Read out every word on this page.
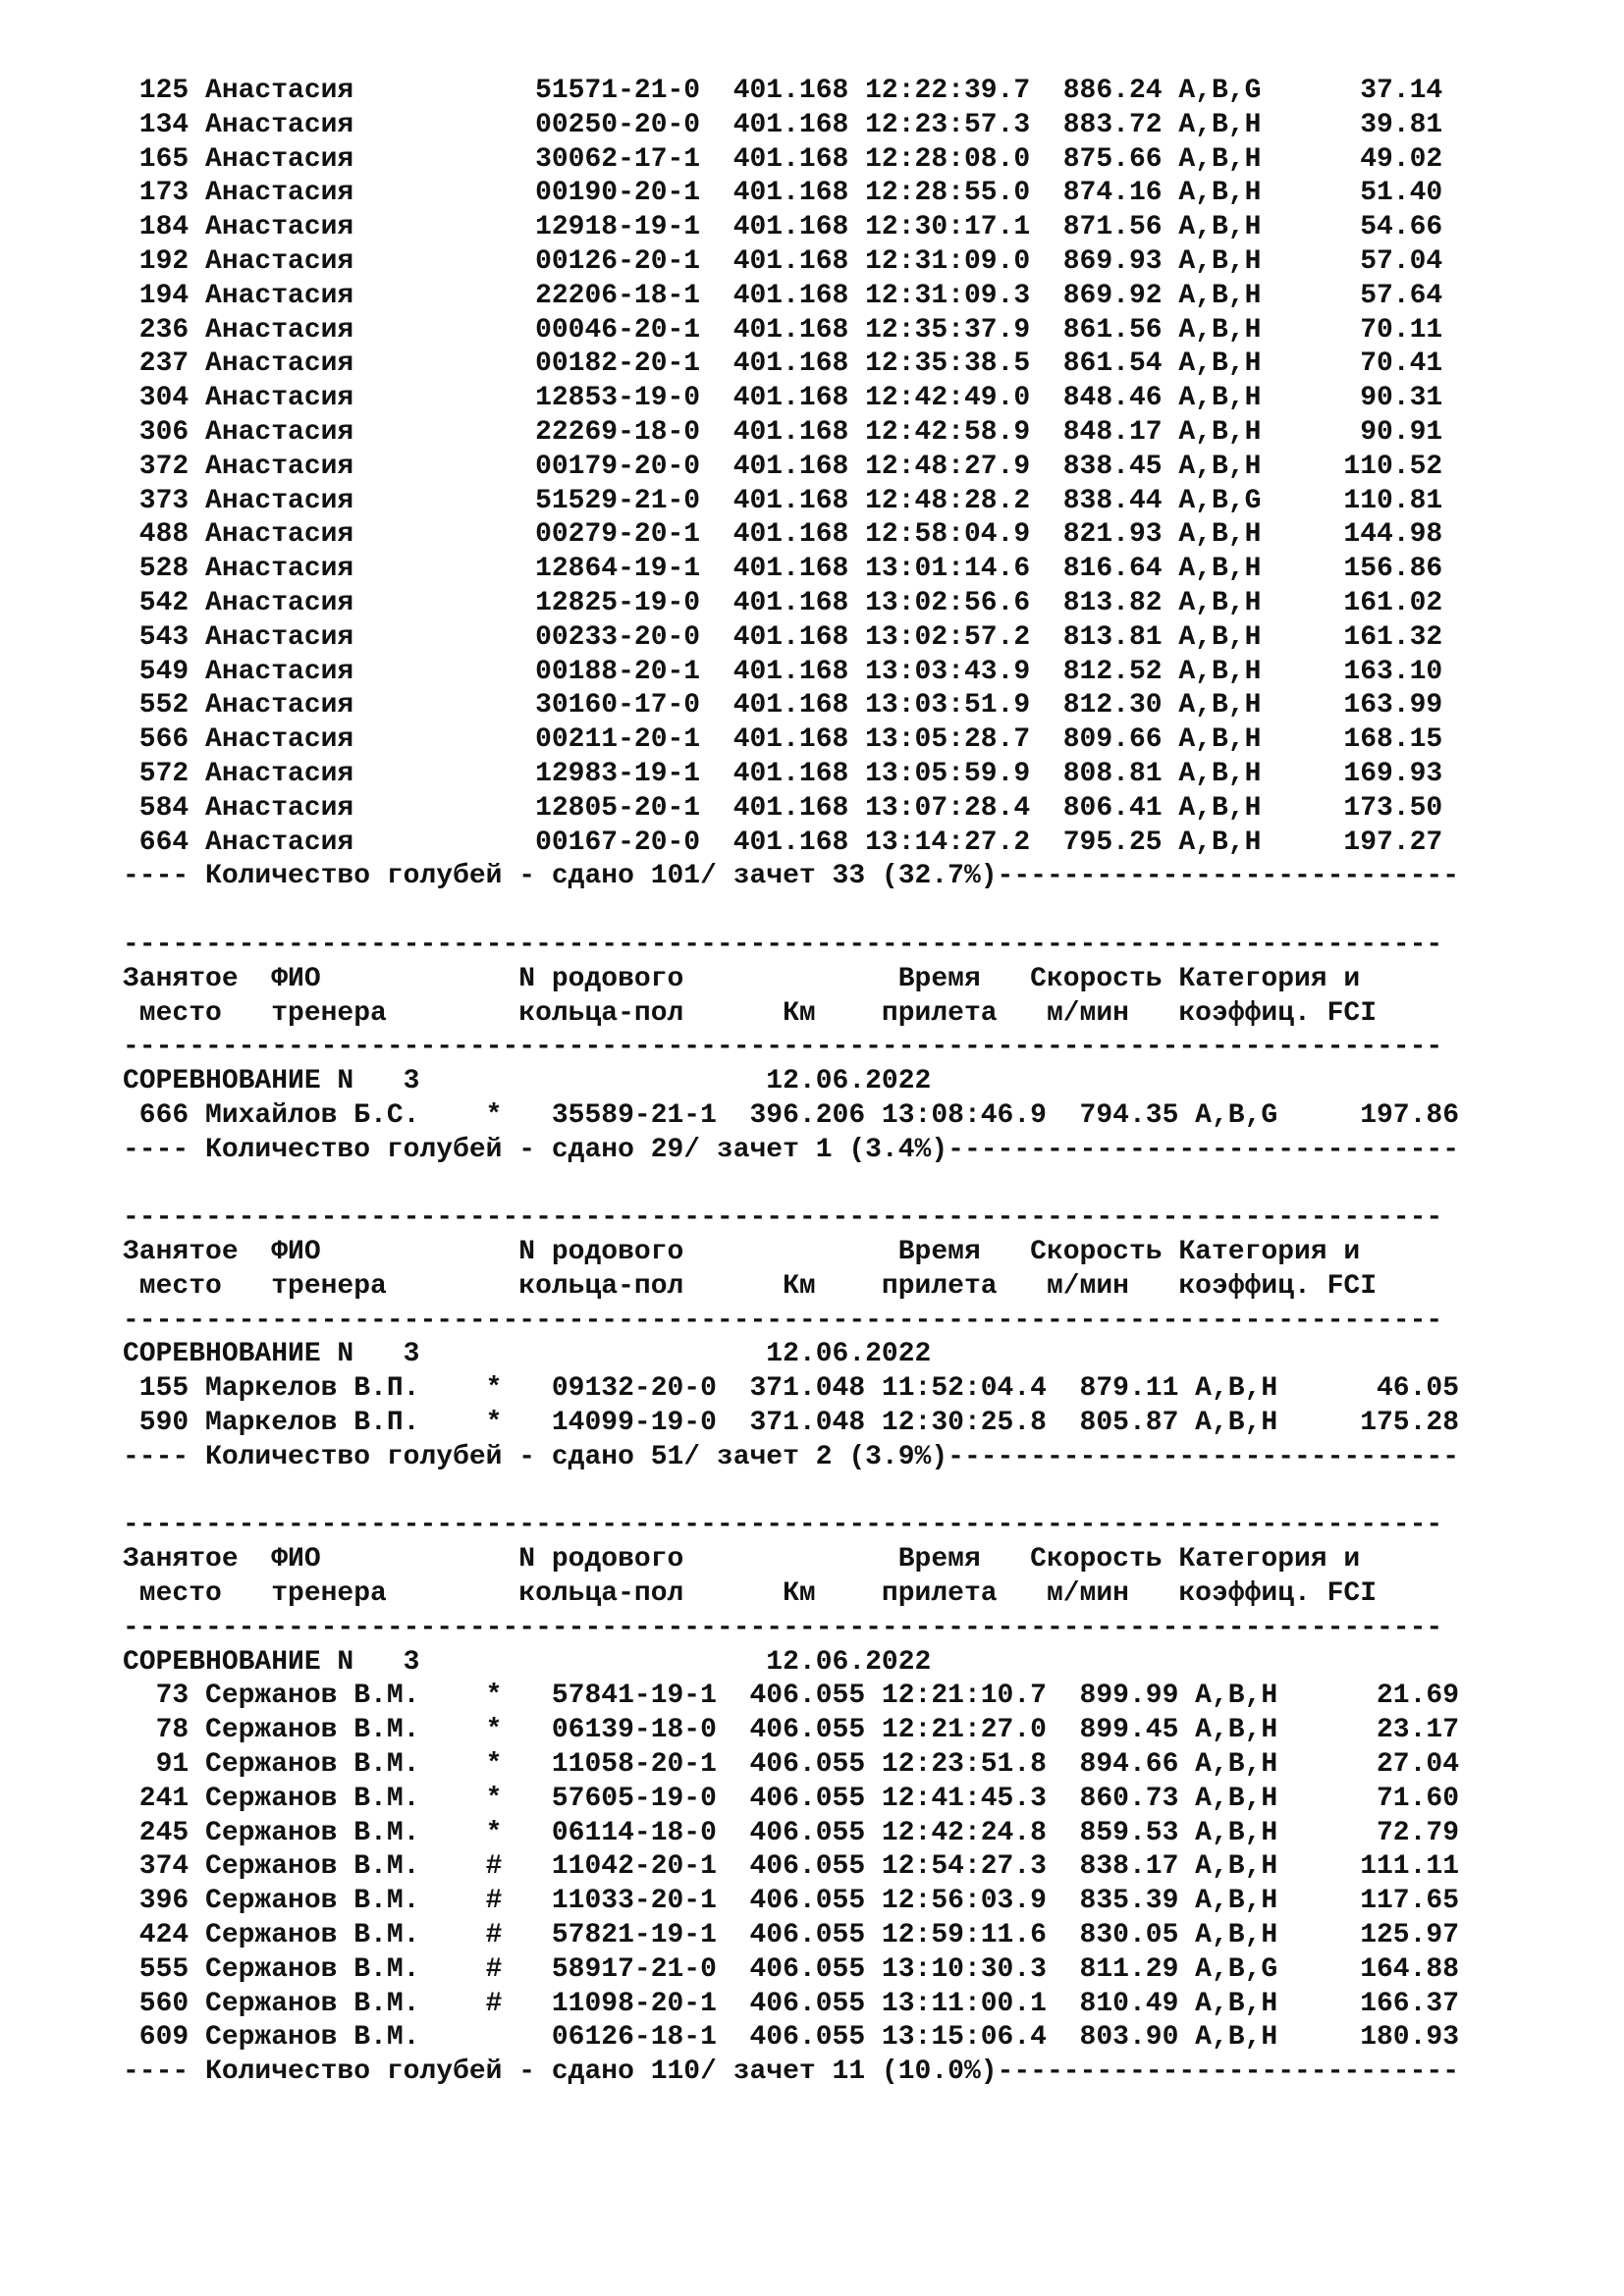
125 Анастасия           51571-21-0  401.168 12:22:39.7  886.24 A,B,G      37.14
134 Анастасия           00250-20-0  401.168 12:23:57.3  883.72 A,B,H      39.81
165 Анастасия           30062-17-1  401.168 12:28:08.0  875.66 A,B,H      49.02
173 Анастасия           00190-20-1  401.168 12:28:55.0  874.16 A,B,H      51.40
184 Анастасия           12918-19-1  401.168 12:30:17.1  871.56 A,B,H      54.66
192 Анастасия           00126-20-1  401.168 12:31:09.0  869.93 A,B,H      57.04
194 Анастасия           22206-18-1  401.168 12:31:09.3  869.92 A,B,H      57.64
236 Анастасия           00046-20-1  401.168 12:35:37.9  861.56 A,B,H      70.11
237 Анастасия           00182-20-1  401.168 12:35:38.5  861.54 A,B,H      70.41
304 Анастасия           12853-19-0  401.168 12:42:49.0  848.46 A,B,H      90.31
306 Анастасия           22269-18-0  401.168 12:42:58.9  848.17 A,B,H      90.91
372 Анастасия           00179-20-0  401.168 12:48:27.9  838.45 A,B,H     110.52
373 Анастасия           51529-21-0  401.168 12:48:28.2  838.44 A,B,G     110.81
488 Анастасия           00279-20-1  401.168 12:58:04.9  821.93 A,B,H     144.98
528 Анастасия           12864-19-1  401.168 13:01:14.6  816.64 A,B,H     156.86
542 Анастасия           12825-19-0  401.168 13:02:56.6  813.82 A,B,H     161.02
543 Анастасия           00233-20-0  401.168 13:02:57.2  813.81 A,B,H     161.32
549 Анастасия           00188-20-1  401.168 13:03:43.9  812.52 A,B,H     163.10
552 Анастасия           30160-17-0  401.168 13:03:51.9  812.30 A,B,H     163.99
566 Анастасия           00211-20-1  401.168 13:05:28.7  809.66 A,B,H     168.15
572 Анастасия           12983-19-1  401.168 13:05:59.9  808.81 A,B,H     169.93
584 Анастасия           12805-20-1  401.168 13:07:28.4  806.41 A,B,H     173.50
664 Анастасия           00167-20-0  401.168 13:14:27.2  795.25 A,B,H     197.27
---- Количество голубей - сдано 101/ зачет 33 (32.7%)----------------------------
--------------------------------------------------------------------------------
Занятое  ФИО            N родового             Время   Скорость Категория и
место   тренера        кольца-пол      Км    прилета   м/мин   коэффиц. FCI
--------------------------------------------------------------------------------
СОРЕВНОВАНИЕ N   3                     12.06.2022
666 Михайлов Б.С.    *   35589-21-1  396.206 13:08:46.9  794.35 A,B,G     197.86
---- Количество голубей - сдано 29/ зачет 1 (3.4%)-------------------------------
--------------------------------------------------------------------------------
Занятое  ФИО            N родового             Время   Скорость Категория и
место   тренера        кольца-пол      Км    прилета   м/мин   коэффиц. FCI
--------------------------------------------------------------------------------
СОРЕВНОВАНИЕ N   3                     12.06.2022
155 Маркелов В.П.    *   09132-20-0  371.048 11:52:04.4  879.11 A,B,H      46.05
590 Маркелов В.П.    *   14099-19-0  371.048 12:30:25.8  805.87 A,B,H     175.28
---- Количество голубей - сдано 51/ зачет 2 (3.9%)-------------------------------
--------------------------------------------------------------------------------
Занятое  ФИО            N родового             Время   Скорость Категория и
место   тренера        кольца-пол      Км    прилета   м/мин   коэффиц. FCI
--------------------------------------------------------------------------------
СОРЕВНОВАНИЕ N   3                     12.06.2022
73 Сержанов В.М.    *   57841-19-1  406.055 12:21:10.7  899.99 A,B,H      21.69
78 Сержанов В.М.    *   06139-18-0  406.055 12:21:27.0  899.45 A,B,H      23.17
91 Сержанов В.М.    *   11058-20-1  406.055 12:23:51.8  894.66 A,B,H      27.04
241 Сержанов В.М.    *   57605-19-0  406.055 12:41:45.3  860.73 A,B,H      71.60
245 Сержанов В.М.    *   06114-18-0  406.055 12:42:24.8  859.53 A,B,H      72.79
374 Сержанов В.М.    #   11042-20-1  406.055 12:54:27.3  838.17 A,B,H     111.11
396 Сержанов В.М.    #   11033-20-1  406.055 12:56:03.9  835.39 A,B,H     117.65
424 Сержанов В.М.    #   57821-19-1  406.055 12:59:11.6  830.05 A,B,H     125.97
555 Сержанов В.М.    #   58917-21-0  406.055 13:10:30.3  811.29 A,B,G     164.88
560 Сержанов В.М.    #   11098-20-1  406.055 13:11:00.1  810.49 A,B,H     166.37
609 Сержанов В.М.        06126-18-1  406.055 13:15:06.4  803.90 A,B,H     180.93
---- Количество голубей - сдано 110/ зачет 11 (10.0%)----------------------------
